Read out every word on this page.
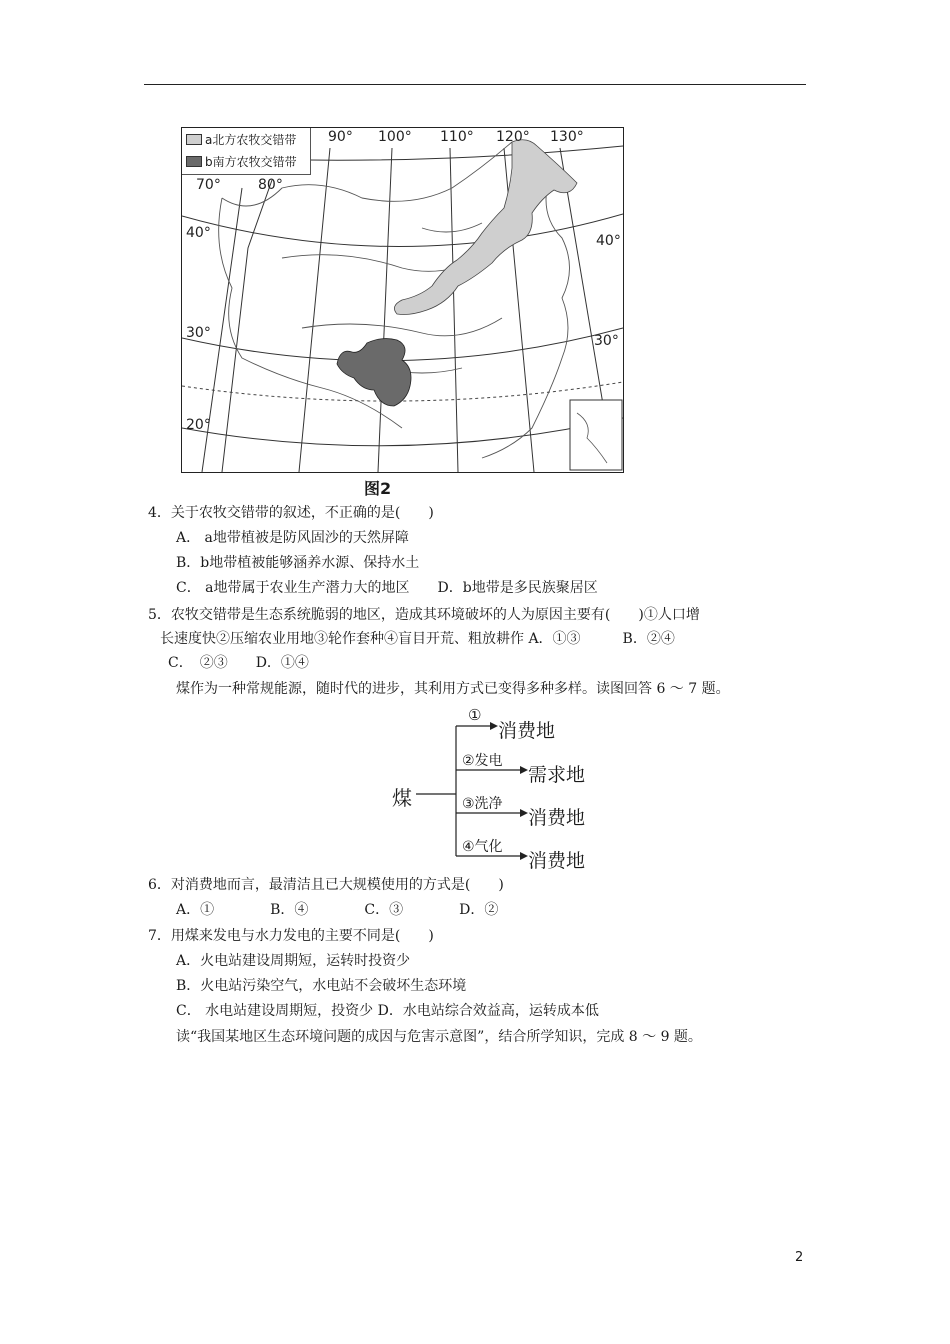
a北方农牧交错带
b南方农牧交错带
90° 100° 110° 120° 130°
70°	80°
40°
30°
20°
40°
30°
图2
4．关于农牧交错带的叙述，不正确的是(　　)
A． a地带植被是防风固沙的天然屏障
B．b地带植被能够涵养水源、保持水土
C． a地带属于农业生产潜力大的地区　　D．b地带是多民族聚居区
5．农牧交错带是生态系统脆弱的地区，造成其环境破坏的人为原因主要有(　　)①人口增
长速度快②压缩农业用地③轮作套种④盲目开荒、粗放耕作 A．①③　　　B．②④
C．　②③　　D．①④
煤作为一种常规能源，随时代的进步，其利用方式已变得多种多样。读图回答 6 ～ 7 题。
煤
①
消费地
②发电
需求地
③洗净
消费地
④气化
消费地
6．对消费地而言，最清洁且已大规模使用的方式是(　　)
A．①　　　　B．④　　　　C．③　　　　D．②
7．用煤来发电与水力发电的主要不同是(　　)
A．火电站建设周期短，运转时投资少
B．火电站污染空气，水电站不会破坏生态环境
C． 水电站建设周期短，投资少 D．水电站综合效益高，运转成本低
读“我国某地区生态环境问题的成因与危害示意图”，结合所学知识，完成 8 ～ 9 题。
2
